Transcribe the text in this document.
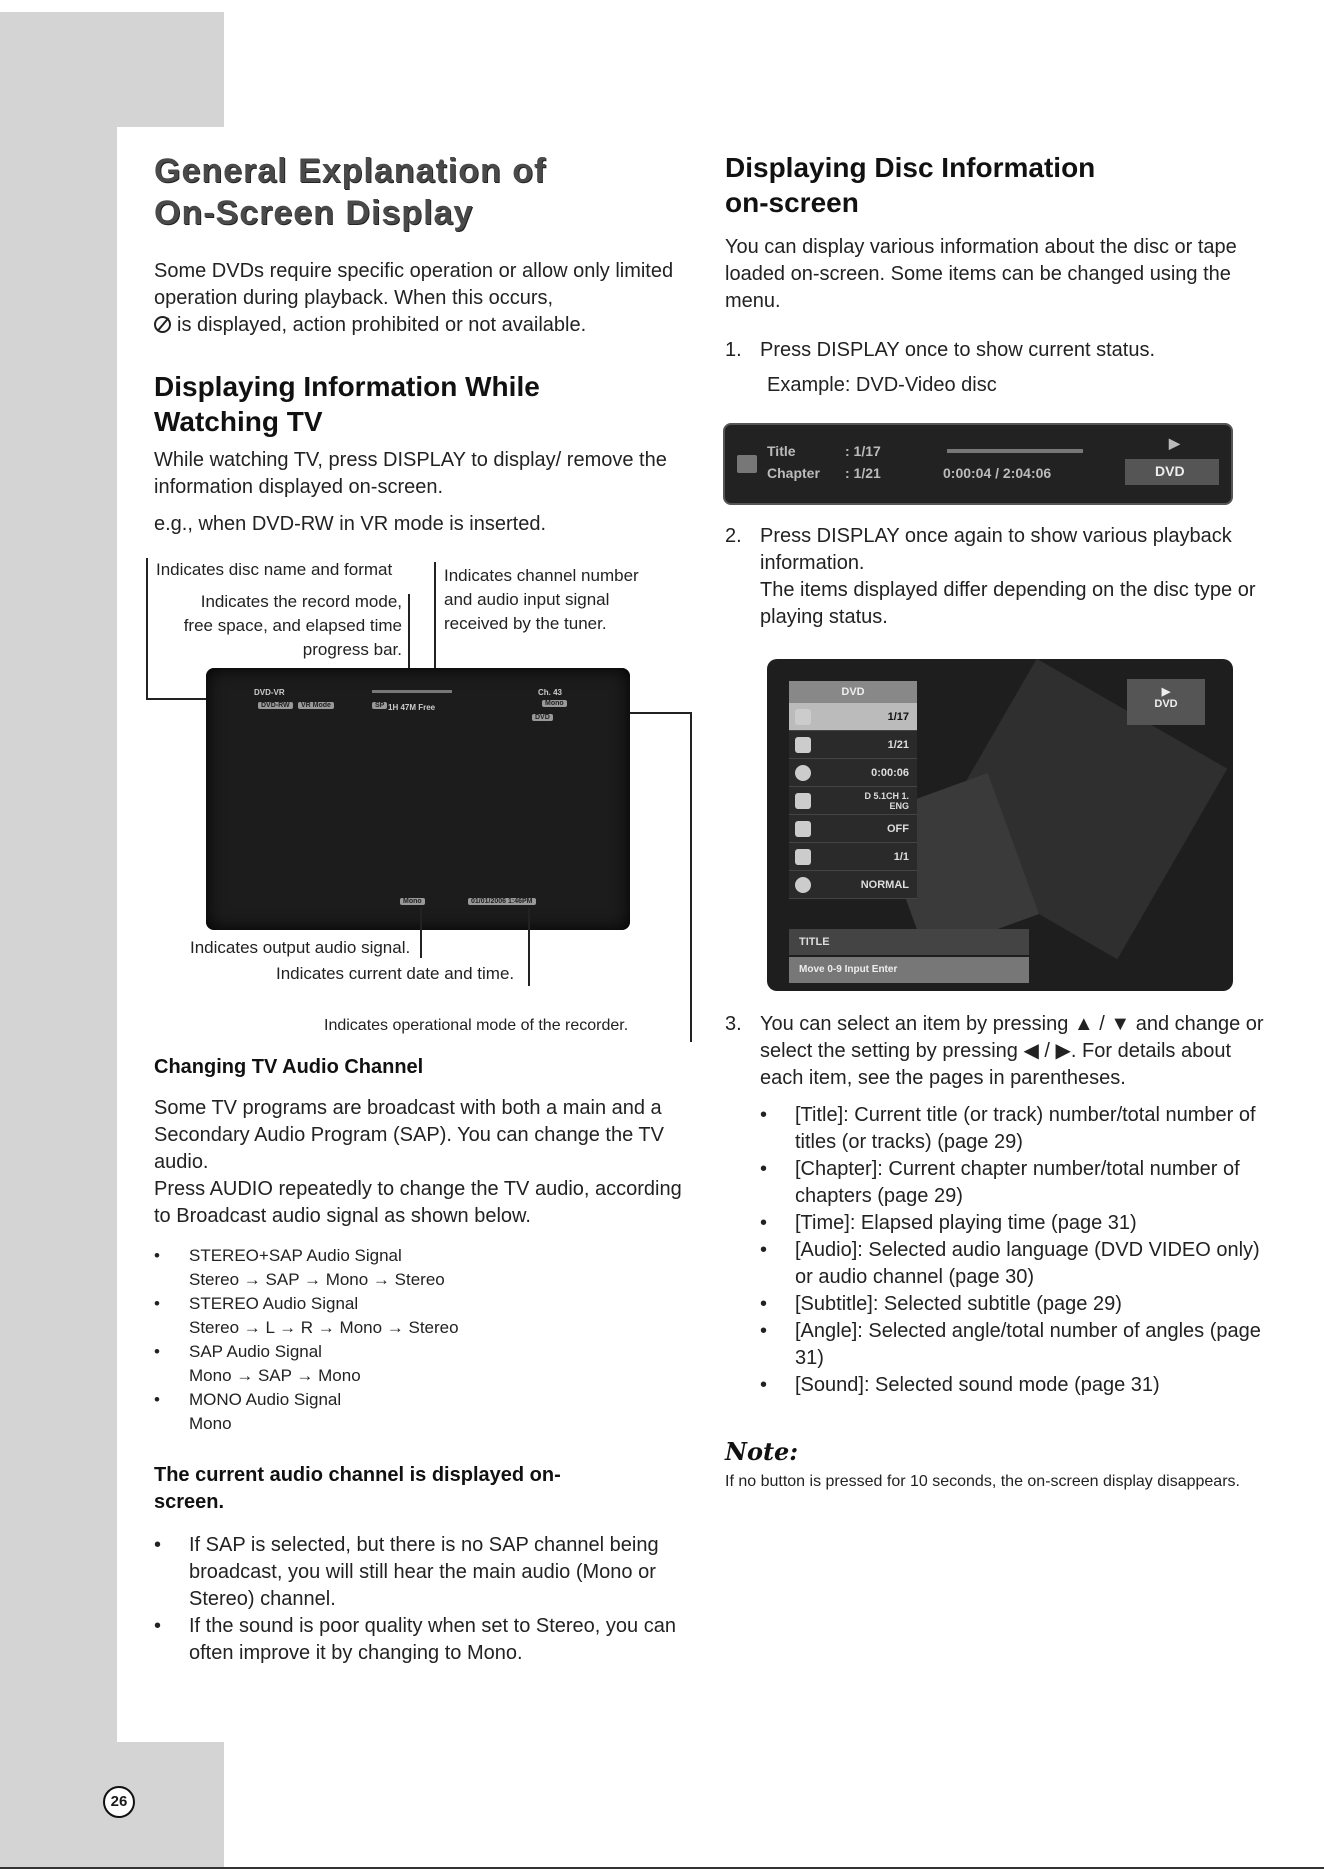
26
General Explanation of
On-Screen Display
Some DVDs require specific operation or allow only limited operation during playback. When this occurs,
is displayed, action prohibited or not available.
Displaying Information While
Watching TV
While watching TV, press DISPLAY to display/ remove the information displayed on-screen.
e.g., when DVD-RW in VR mode is inserted.
Indicates disc name and format
Indicates the record mode, free space, and elapsed time progress bar.
Indicates channel number and audio input signal received by the tuner.
DVD-VR
DVD-RW	VR Mode	SP 1H 47M Free
Ch. 43
Mono
DVD
Mono	01/01/2006 1:46PM
Indicates output audio signal.
Indicates current date and time.
Indicates operational mode of the recorder.
Changing TV Audio Channel
Some TV programs are broadcast with both a main and a Secondary Audio Program (SAP). You can change the TV audio.
Press AUDIO repeatedly to change the TV audio, according to Broadcast audio signal as shown below.
• STEREO+SAP Audio Signal
Stereo → SAP → Mono → Stereo
• STEREO Audio Signal
Stereo → L → R → Mono → Stereo
• SAP Audio Signal
Mono → SAP → Mono
• MONO Audio Signal
Mono
The current audio channel is displayed on-screen.
• If SAP is selected, but there is no SAP channel being broadcast, you will still hear the main audio (Mono or Stereo) channel.
• If the sound is poor quality when set to Stereo, you can often improve it by changing to Mono.
Displaying Disc Information
on-screen
You can display various information about the disc or tape loaded on-screen. Some items can be changed using the menu.
1. Press DISPLAY once to show current status.
Example: DVD-Video disc
Title	: 1/17
Chapter : 1/21	0:00:04 / 2:04:06
▶
DVD
2. Press DISPLAY once again to show various playback information.
The items displayed differ depending on the disc type or playing status.
DVD
1/17
1/21
0:00:06
D 5.1CH 1. ENG
OFF
1/1
NORMAL
▶
DVD
TITLE
Move 0-9 Input Enter
3. You can select an item by pressing ▲ / ▼ and change or select the setting by pressing ◀ / ▶. For details about each item, see the pages in parentheses.
• [Title]: Current title (or track) number/total number of titles (or tracks) (page 29)
• [Chapter]: Current chapter number/total number of chapters (page 29)
• [Time]: Elapsed playing time (page 31)
• [Audio]: Selected audio language (DVD VIDEO only) or audio channel (page 30)
• [Subtitle]: Selected subtitle (page 29)
• [Angle]: Selected angle/total number of angles (page 31)
• [Sound]: Selected sound mode (page 31)
Note:
If no button is pressed for 10 seconds, the on-screen display disappears.
